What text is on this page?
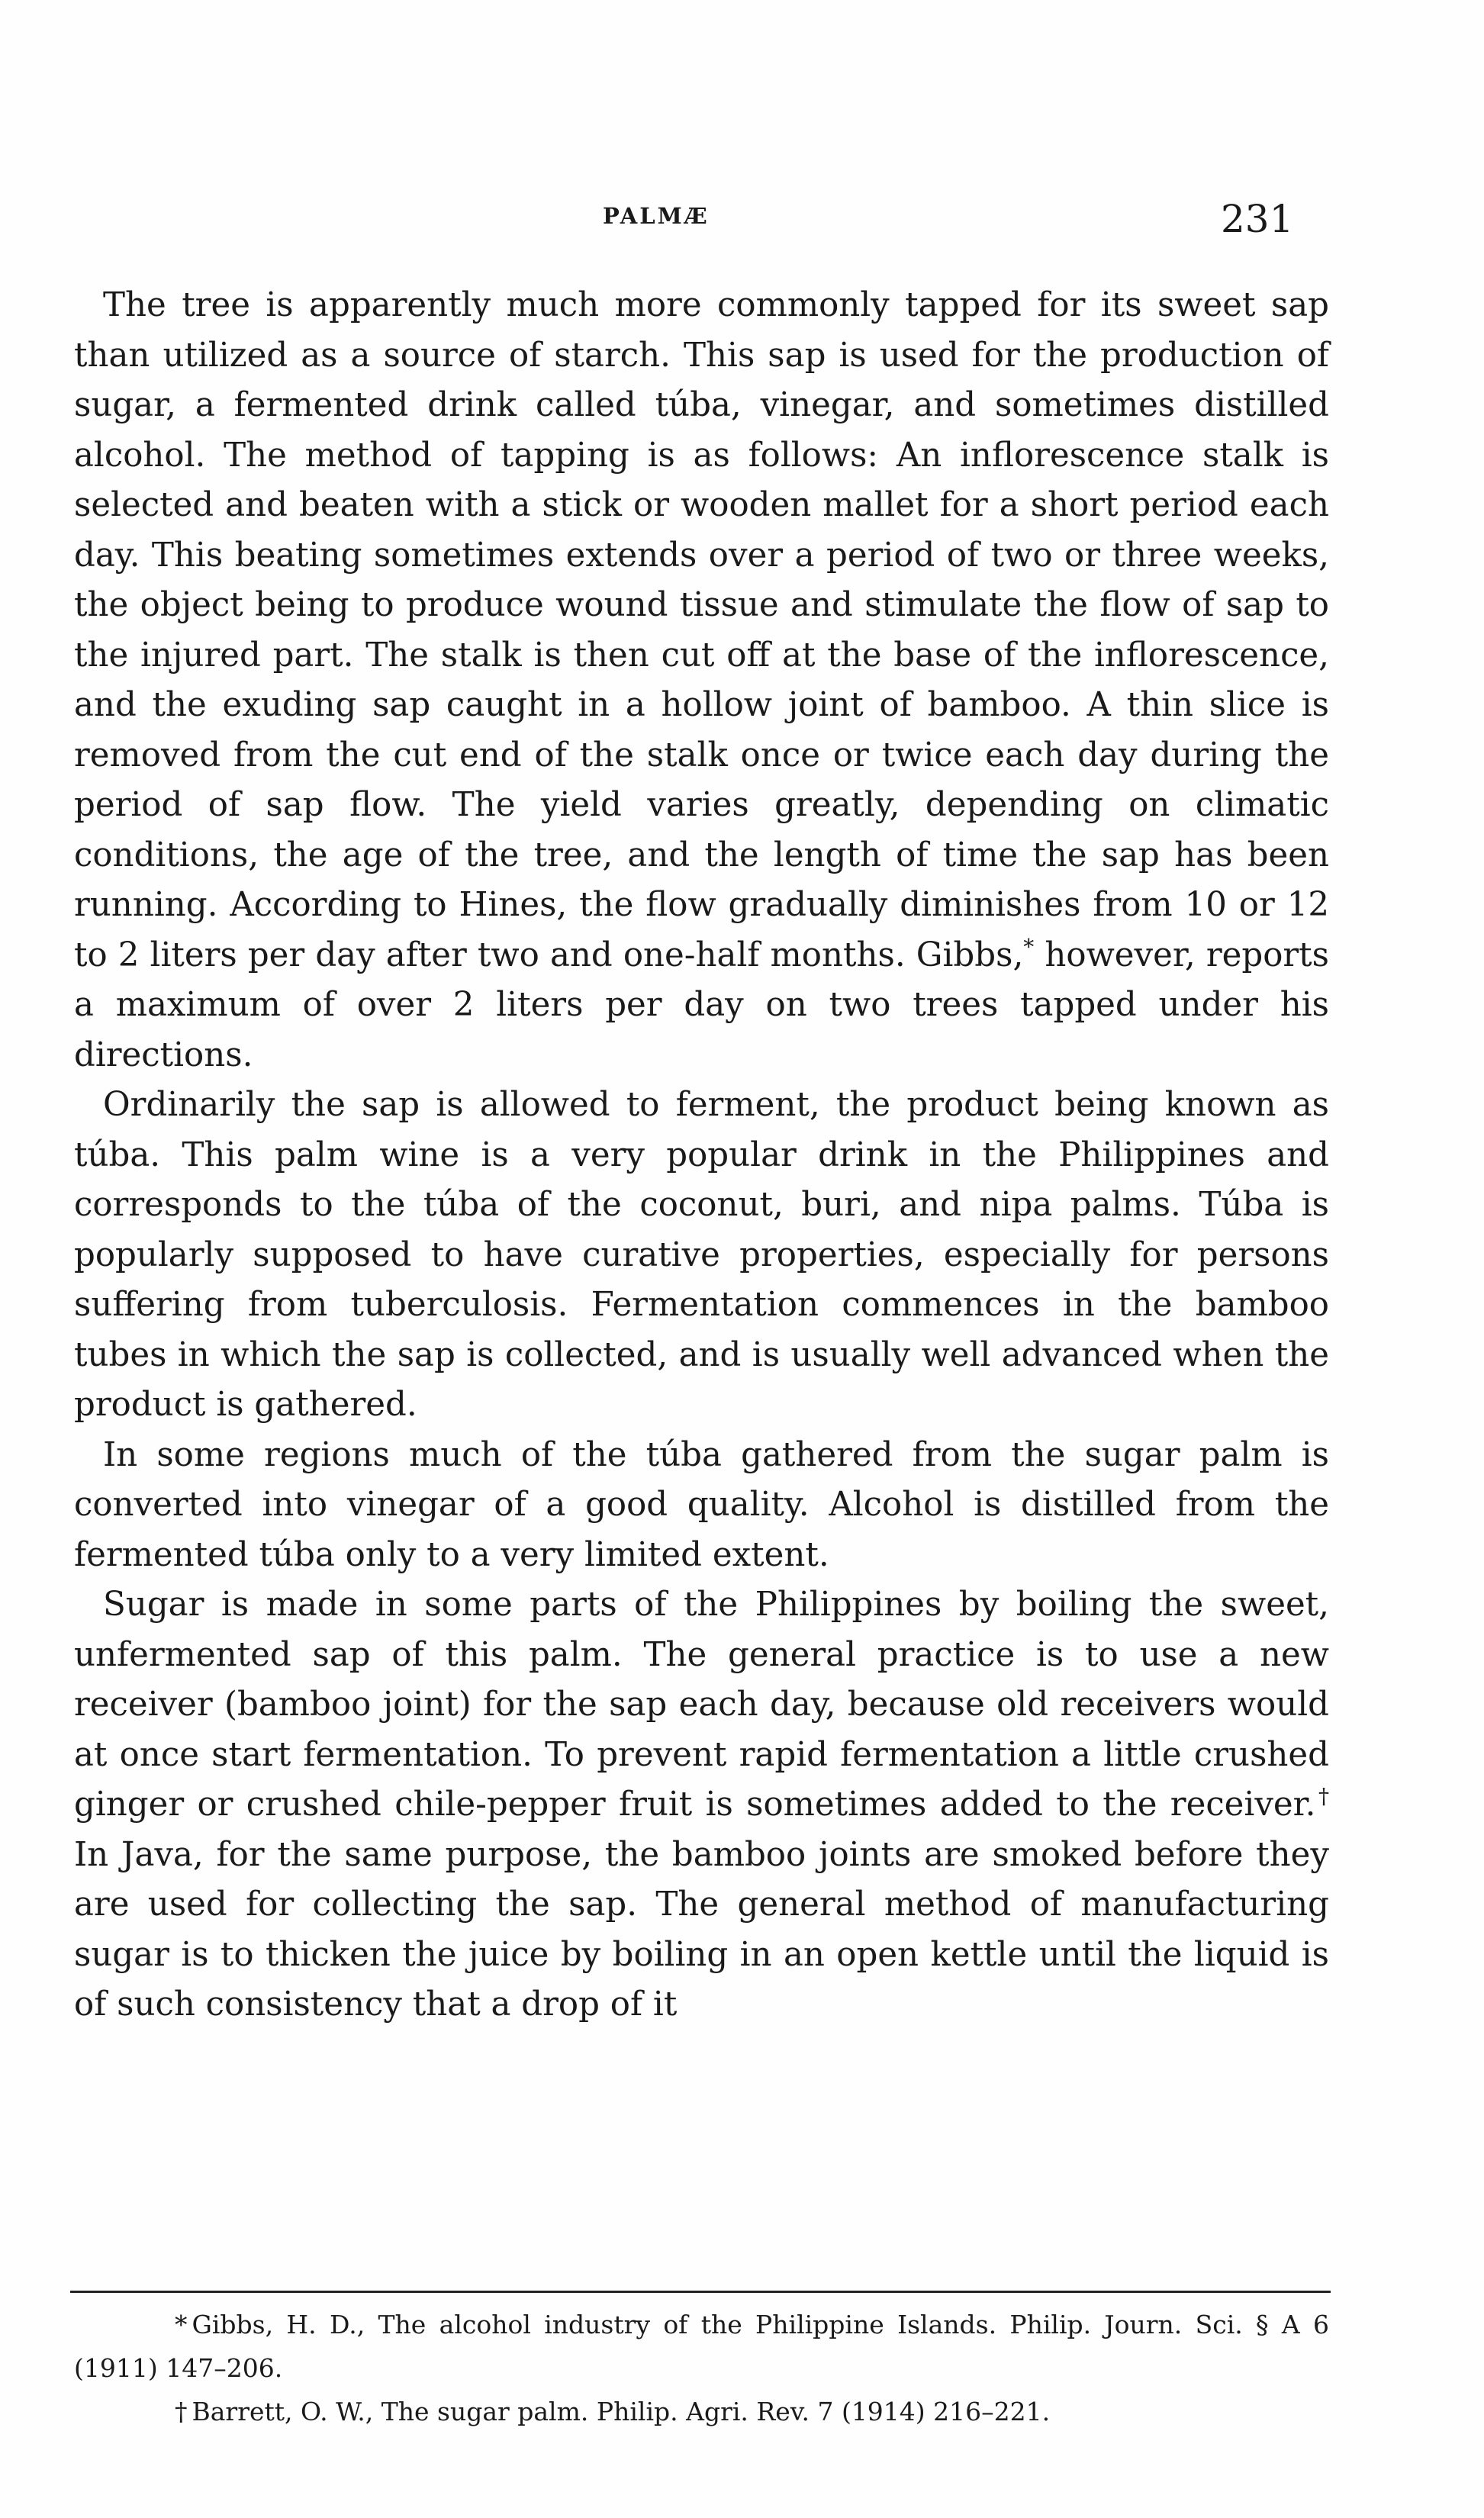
PALMÆ	231

The tree is apparently much more commonly tapped for its sweet sap than utilized as a source of starch. This sap is used for the production of sugar, a fermented drink called túba, vinegar, and sometimes distilled alcohol. The method of tapping is as follows: An inflorescence stalk is selected and beaten with a stick or wooden mallet for a short period each day. This beating sometimes extends over a period of two or three weeks, the object being to produce wound tissue and stimulate the flow of sap to the injured part. The stalk is then cut off at the base of the inflorescence, and the exuding sap caught in a hollow joint of bamboo. A thin slice is removed from the cut end of the stalk once or twice each day during the period of sap flow. The yield varies greatly, depending on climatic conditions, the age of the tree, and the length of time the sap has been running. According to Hines, the flow gradually diminishes from 10 or 12 to 2 liters per day after two and one-half months. Gibbs,* however, reports a maximum of over 2 liters per day on two trees tapped under his directions.

Ordinarily the sap is allowed to ferment, the product being known as túba. This palm wine is a very popular drink in the Philippines and corresponds to the túba of the coconut, buri, and nipa palms. Túba is popularly supposed to have curative properties, especially for persons suffering from tuberculosis. Fermentation commences in the bamboo tubes in which the sap is collected, and is usually well advanced when the product is gathered.

In some regions much of the túba gathered from the sugar palm is converted into vinegar of a good quality. Alcohol is distilled from the fermented túba only to a very limited extent.

Sugar is made in some parts of the Philippines by boiling the sweet, unfermented sap of this palm. The general practice is to use a new receiver (bamboo joint) for the sap each day, because old receivers would at once start fermentation. To prevent rapid fermentation a little crushed ginger or crushed chile-pepper fruit is sometimes added to the receiver.† In Java, for the same purpose, the bamboo joints are smoked before they are used for collecting the sap. The general method of manufacturing sugar is to thicken the juice by boiling in an open kettle until the liquid is of such consistency that a drop of it

* Gibbs, H. D., The alcohol industry of the Philippine Islands. Philip. Journ. Sci. § A 6 (1911) 147–206.

† Barrett, O. W., The sugar palm. Philip. Agri. Rev. 7 (1914) 216–221.
